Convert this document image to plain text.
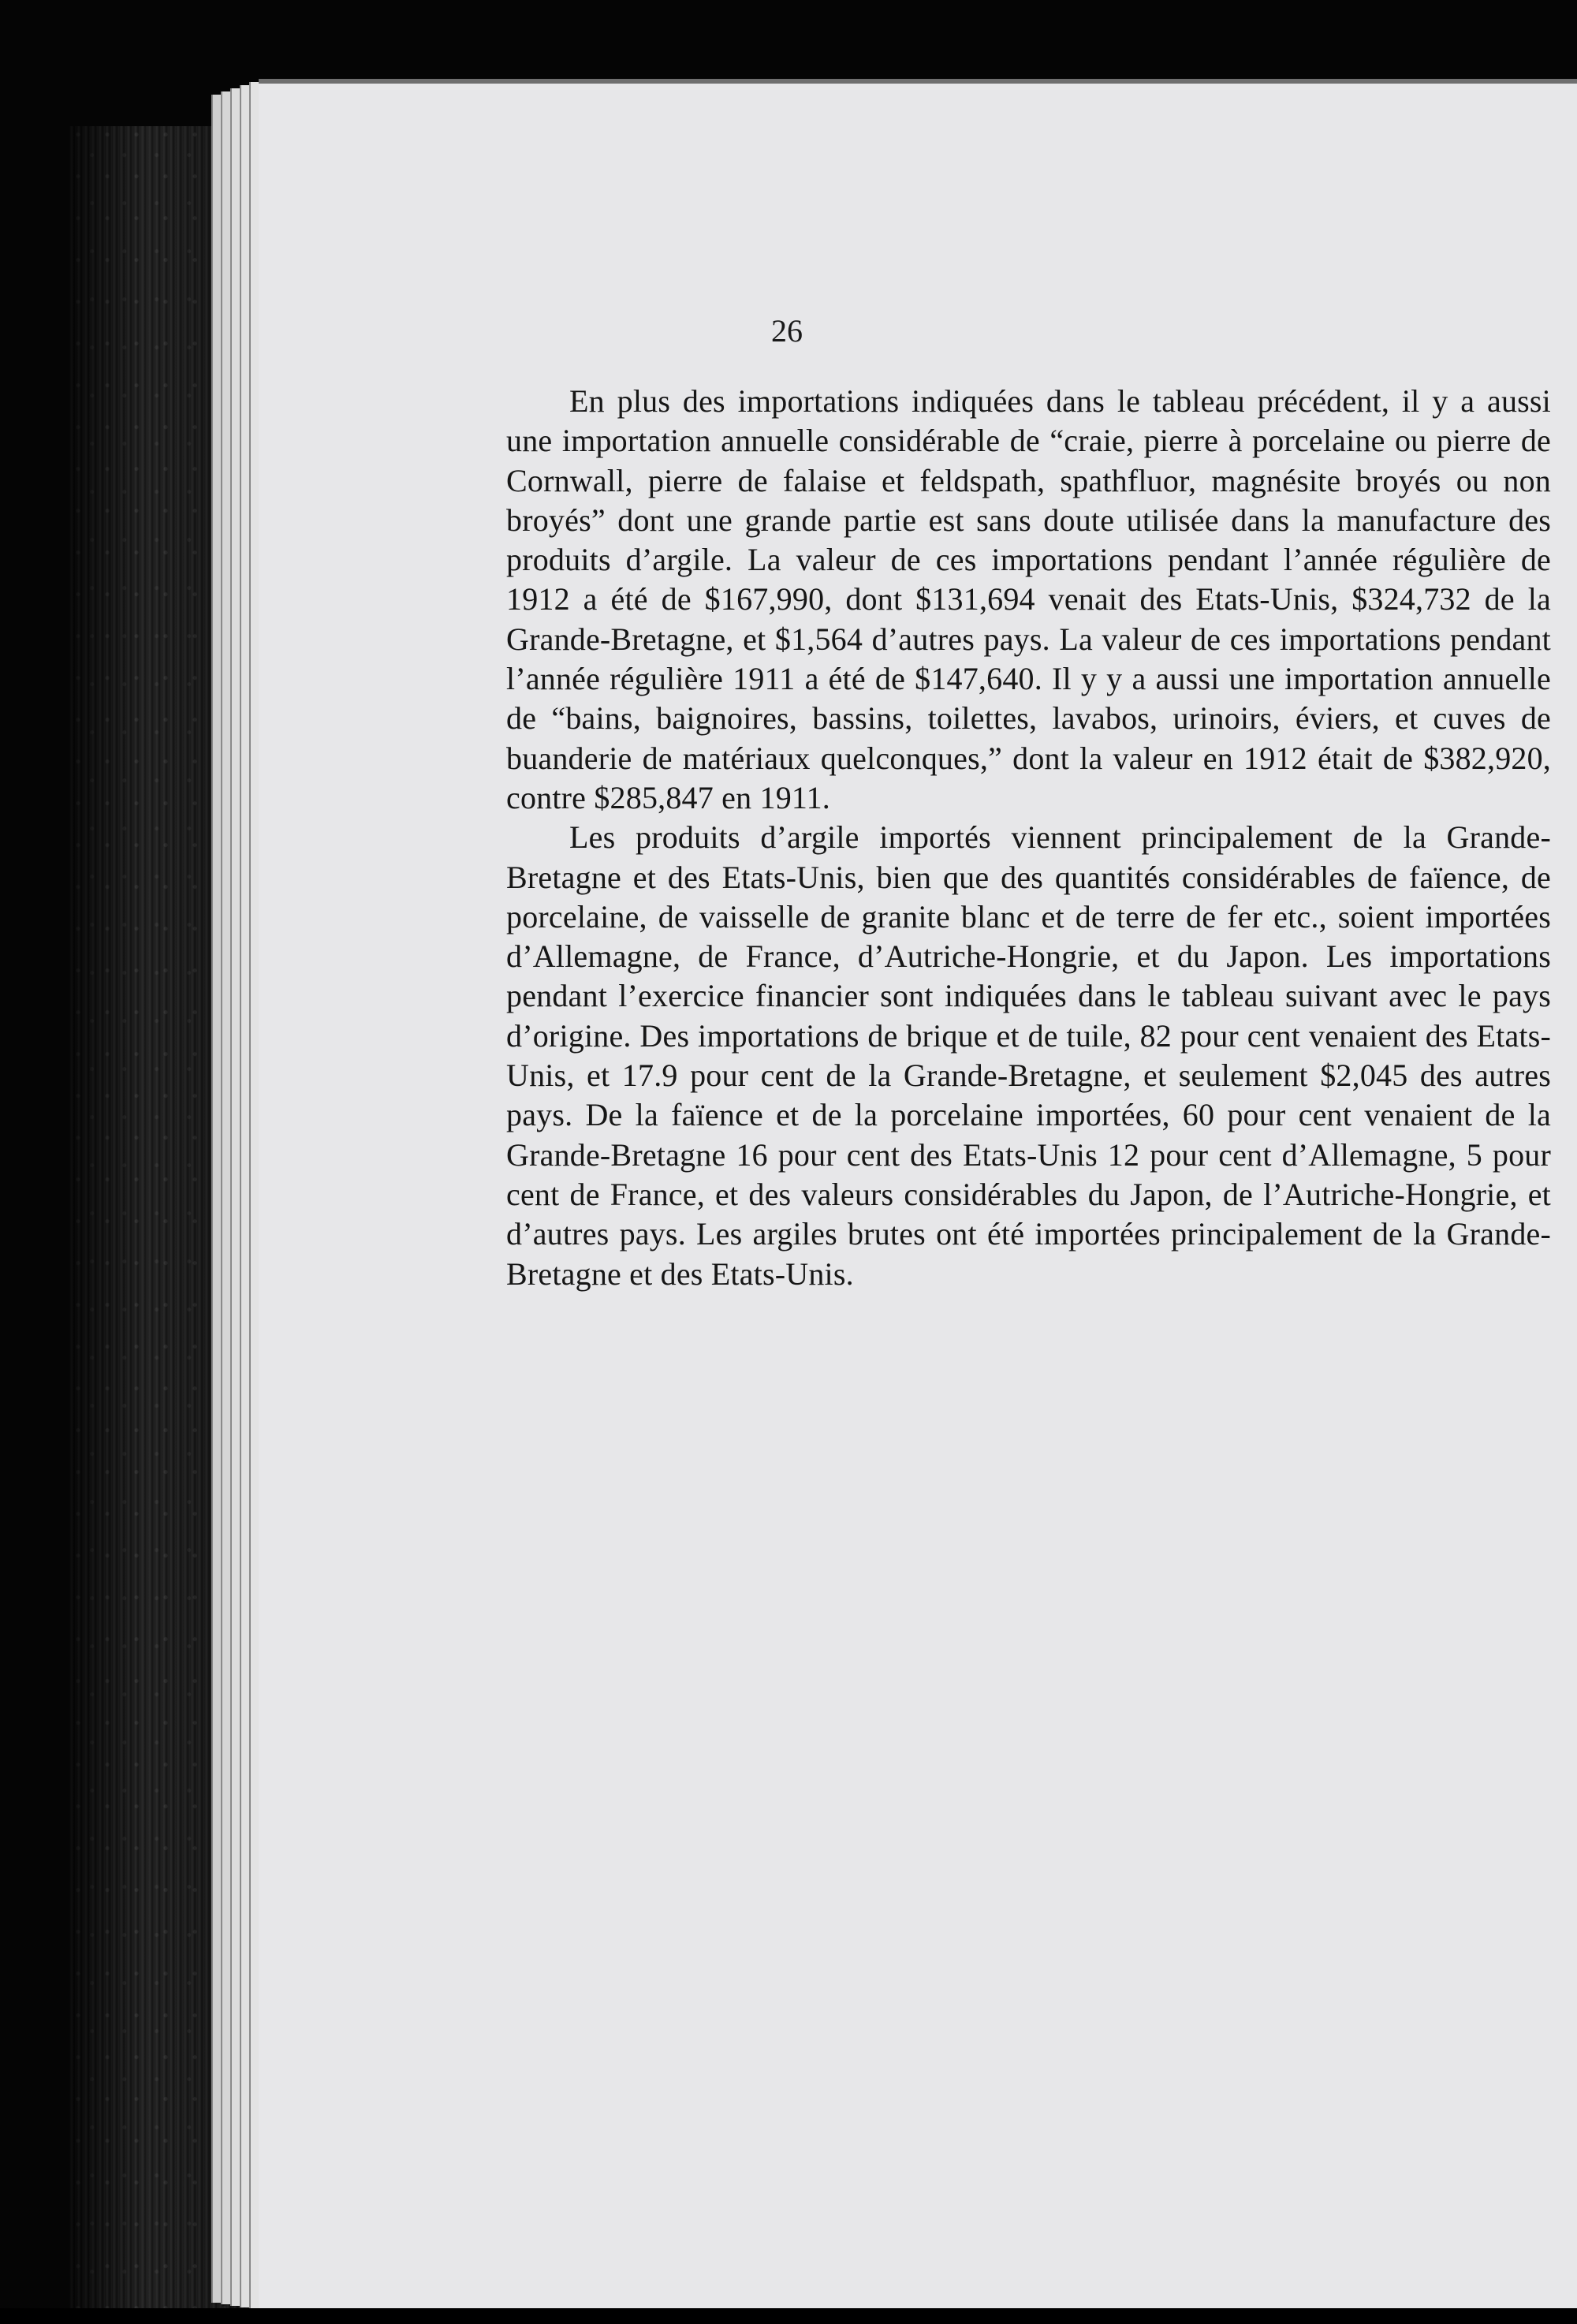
26

En plus des importations indiquées dans le tableau précédent, il y a aussi une importation annuelle considérable de “craie, pierre à porcelaine ou pierre de Cornwall, pierre de falaise et feldspath, spathfluor, magnésite broyés ou non broyés” dont une grande partie est sans doute utilisée dans la manufacture des produits d’argile. La valeur de ces importations pendant l’année régulière de 1912 a été de $167,990, dont $131,694 venait des Etats-Unis, $324,732 de la Grande-Bretagne, et $1,564 d’autres pays. La valeur de ces importations pendant l’année régulière 1911 a été de $147,640. Il y y a aussi une importation annuelle de “bains, baignoires, bassins, toilettes, lavabos, urinoirs, éviers, et cuves de buanderie de matériaux quelconques,” dont la valeur en 1912 était de $382,920, contre $285,847 en 1911.

Les produits d’argile importés viennent principalement de la Grande-Bretagne et des Etats-Unis, bien que des quantités considérables de faïence, de porcelaine, de vaisselle de granite blanc et de terre de fer etc., soient importées d’Allemagne, de France, d’Autriche-Hongrie, et du Japon. Les importations pendant l’exercice financier sont indiquées dans le tableau suivant avec le pays d’origine. Des importations de brique et de tuile, 82 pour cent venaient des Etats-Unis, et 17.9 pour cent de la Grande-Bretagne, et seulement $2,045 des autres pays. De la faïence et de la porcelaine importées, 60 pour cent venaient de la Grande-Bretagne 16 pour cent des Etats-Unis 12 pour cent d’Allemagne, 5 pour cent de France, et des valeurs considérables du Japon, de l’Autriche-Hongrie, et d’autres pays. Les argiles brutes ont été importées principalement de la Grande-Bretagne et des Etats-Unis.
